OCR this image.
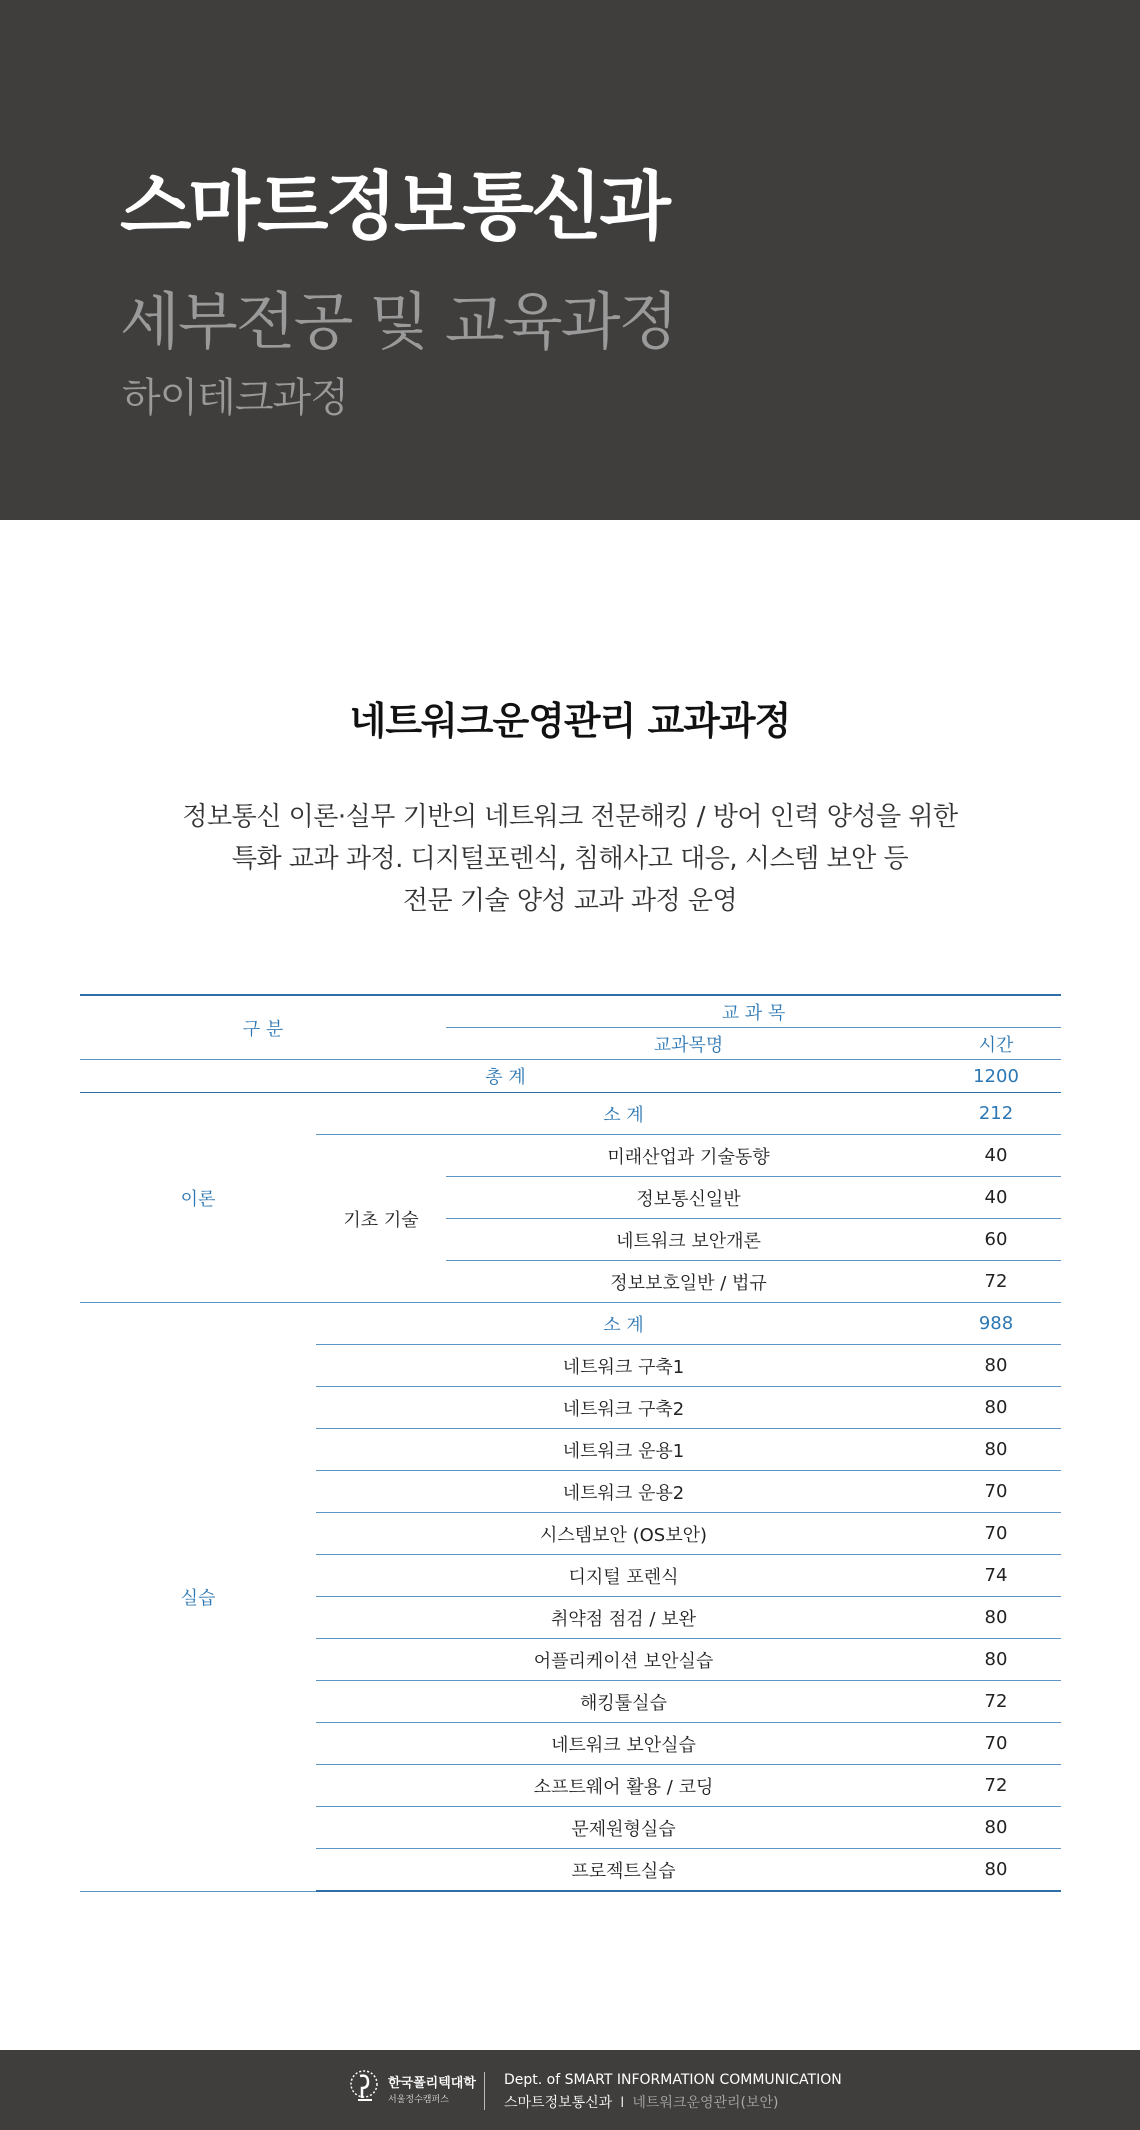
스마트정보통신과
세부전공 및 교육과정
하이테크과정
네트워크운영관리 교과과정
정보통신 이론·실무 기반의 네트워크 전문해킹 / 방어 인력 양성을 위한
특화 교과 과정. 디지털포렌식, 침해사고 대응, 시스템 보안 등
전문 기술 양성 교과 과정 운영
구 분		교 과 목	
		교과목명	시간
총 계			1200
이론	소 계		212
	기초 기술	미래산업과 기술동향	40
		정보통신일반	40
		네트워크 보안개론	60
		정보보호일반 / 법규	72
실습	소 계		988
	네트워크 구축1		80
	네트워크 구축2		80
	네트워크 운용1		80
	네트워크 운용2		70
	시스템보안 (OS보안)		70
	디지털 포렌식		74
	취약점 점검 / 보완		80
	어플리케이션 보안실습		80
	해킹툴실습		72
	네트워크 보안실습		70
	소프트웨어 활용 / 코딩		72
	문제원형실습		80
	프로젝트실습		80
한국폴리텍대학
서울정수캠퍼스
Dept. of SMART INFORMATION COMMUNICATION
스마트정보통신과 I 네트워크운영관리(보안)
